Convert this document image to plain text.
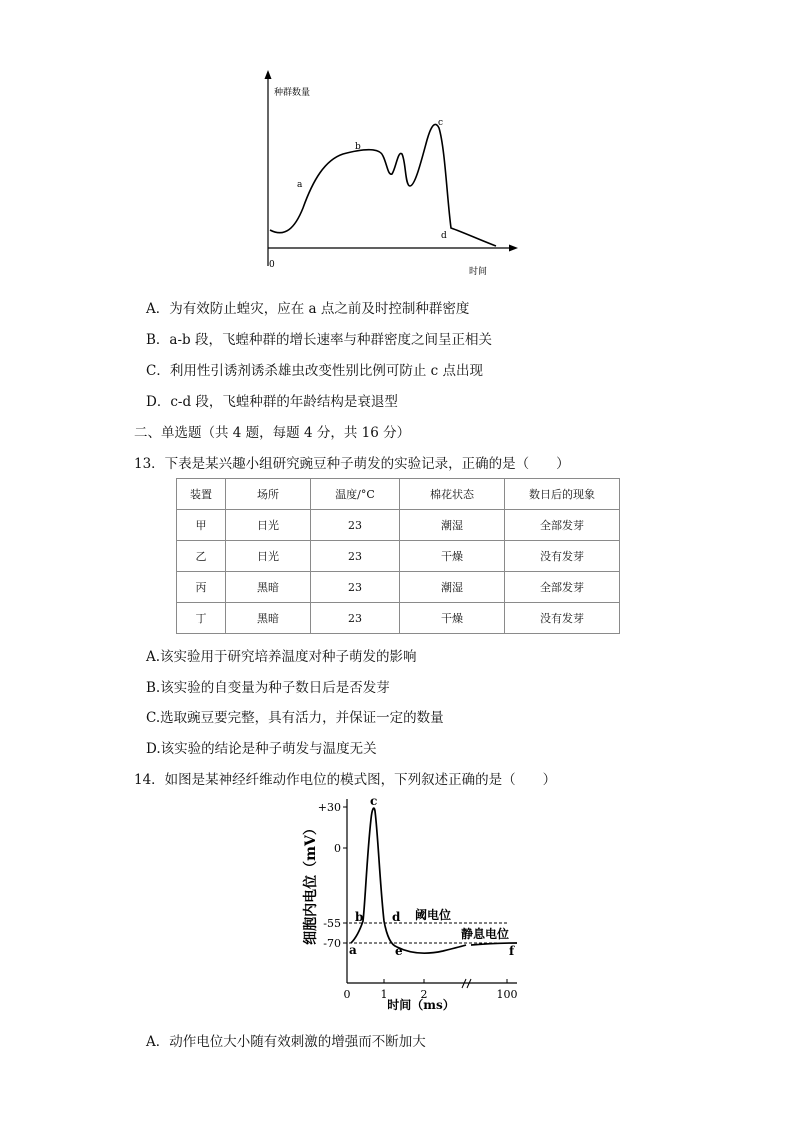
种群数量
0
时间
a
b
c
d
A．为有效防止蝗灾，应在 a 点之前及时控制种群密度
B．a-b 段，飞蝗种群的增长速率与种群密度之间呈正相关
C．利用性引诱剂诱杀雄虫改变性别比例可防止 c 点出现
D．c-d 段，飞蝗种群的年龄结构是衰退型
二、单选题（共 4 题，每题 4 分，共 16 分）
13．下表是某兴趣小组研究豌豆种子萌发的实验记录，正确的是（　　）
装置	场所	温度/°C	棉花状态	数日后的现象
甲	日光	23	潮湿	全部发芽
乙	日光	23	干燥	没有发芽
丙	黑暗	23	潮湿	全部发芽
丁	黑暗	23	干燥	没有发芽
A.该实验用于研究培养温度对种子萌发的影响
B.该实验的自变量为种子数日后是否发芽
C.选取豌豆要完整，具有活力，并保证一定的数量
D.该实验的结论是种子萌发与温度无关
14．如图是某神经纤维动作电位的模式图，下列叙述正确的是（　　）
细胞内电位（mV）
+30
0
-55
-70
0	1	2	100
时间（ms）
阈电位
静息电位
a
b
c
d
e	f
A．动作电位大小随有效刺激的增强而不断加大
